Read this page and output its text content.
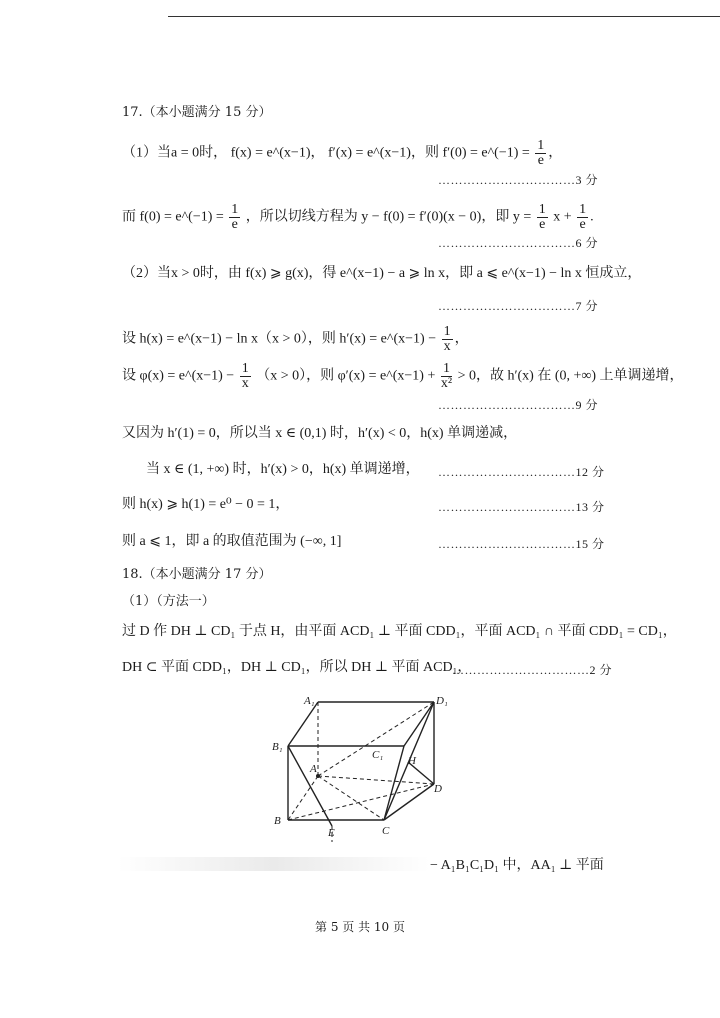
17.（本小题满分 15 分）
（1）当a = 0时， f(x) = e^(x−1)， f′(x) = e^(x−1)，则 f′(0) = e^(−1) = $\frac{1}{e}$ ，
……………………………3 分
而 f(0) = e^(−1) = $\frac{1}{e}$ ，所以切线方程为 y − f(0) = f′(0)(x − 0)，即 $y = \frac{1}{e}$ $x + \frac{1}{e}$ .
……………………………6 分
（2）当x > 0时，由 f(x) ⩾ g(x)，得 e^(x−1) − a ⩾ ln x，即 a ⩽ e^(x−1) − ln x 恒成立，
……………………………7 分
设 h(x) = e^(x−1) − ln x（x > 0），则 h′(x) = e^(x−1) − $\frac{1}{x}$ ，
设 φ(x) = e^(x−1) − $\frac{1}{x} (x > 0)$，则 φ′(x) = e^(x−1) + $\frac{1}{\text{x²}} > 0$，故 h′(x) 在 (0, +∞) 上单调递增，
……………………………9 分
又因为 h′(1) = 0，所以当 x ∈ (0,1) 时，h′(x) < 0，h(x) 单调递减，
当 x ∈ (1, +∞) 时，h′(x) > 0，h(x) 单调递增， ……………………………12 分
则 h(x) ⩾ h(1) = e⁰ − 0 = 1，	……………………………13 分
则 a ⩽ 1，即 a 的取值范围为 (−∞, 1]	……………………………15 分
18.（本小题满分 17 分）
（1）（方法一）
过 D 作 DH ⊥ CD₁ 于点 H，由平面 ACD₁ ⊥ 平面 CDD₁，平面 ACD₁ ∩ 平面 CDD₁ = CD₁，
DH ⊂ 平面 CDD₁，DH ⊥ CD₁，所以 DH ⊥ 平面 ACD₁，
……………………………2 分
A₁	D₁
B₁
C₁
A
H
D
B
E	C
− A₁B₁C₁D₁ 中，AA₁ ⊥ 平面
第 5 页 共 10 页
